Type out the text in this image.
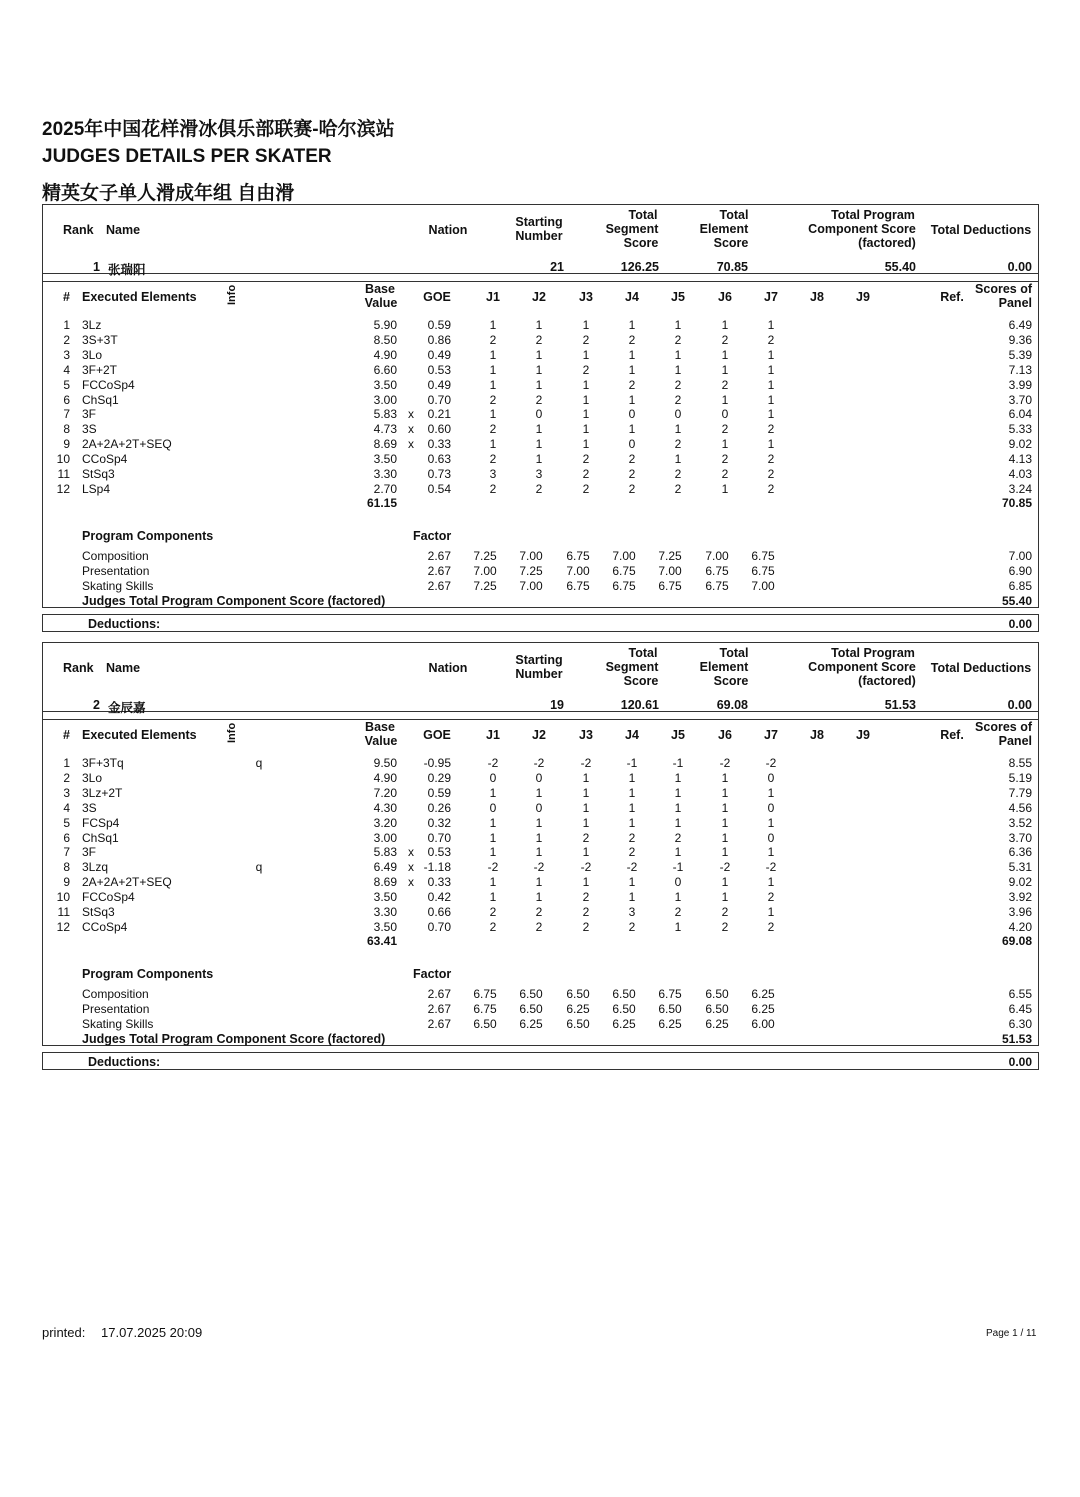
2025年中国花样滑冰俱乐部联赛-哈尔滨站
JUDGES DETAILS PER SKATER
精英女子单人滑成年组 自由滑
Rank Name	Nation
Starting
Number
Total
Segment
Score
Total
Element
Score
Total Program
Component Score
(factored)
Total Deductions
1 张瑞阳	21	126.25	70.85	55.40	0.00
# Executed Elements	Info	Base
Value	GOE	J1	J2	J3	J4	J5	J6	J7	J8	J9	Ref.
Scores of
Panel
1 3Lz	5.90	0.59	1	1	1	1	1	1	1	6.49
2 3S+3T	8.50	0.86	2	2	2	2	2	2	2	9.36
3 3Lo	4.90	0.49	1	1	1	1	1	1	1	5.39
4 3F+2T	6.60	0.53	1	1	2	1	1	1	1	7.13
5 FCCoSp4	3.50	0.49	1	1	1	2	2	2	1	3.99
6 ChSq1	3.00	0.70	2	2	1	1	2	1	1	3.70
7 3F	5.83 x	0.21	1	0	1	0	0	0	1	6.04
8 3S	4.73 x	0.60	2	1	1	1	1	2	2	5.33
9 2A+2A+2T+SEQ	8.69 x	0.33	1	1	1	0	2	1	1	9.02
10 CCoSp4	3.50	0.63	2	1	2	2	1	2	2	4.13
11 StSq3	3.30	0.73	3	3	2	2	2	2	2	4.03
12 LSp4	2.70	0.54	2	2	2	2	2	1	2	3.24
61.15	70.85
Program Components	Factor
Composition	2.67	7.25	7.00	6.75	7.00	7.25	7.00	6.75	7.00
Presentation	2.67	7.00	7.25	7.00	6.75	7.00	6.75	6.75	6.90
Skating Skills	2.67	7.25	7.00	6.75	6.75	6.75	6.75	7.00	6.85
Judges Total Program Component Score (factored)	55.40
Deductions:	0.00
Rank Name	Nation
Starting
Number
Total
Segment
Score
Total
Element
Score
Total Program
Component Score
(factored)
Total Deductions
2 金辰嘉	19	120.61	69.08	51.53	0.00
# Executed Elements	Info	Base
Value	GOE	J1	J2	J3	J4	J5	J6	J7	J8	J9	Ref.
Scores of
Panel
1 3F+3Tq	q	9.50	-0.95	-2	-2	-2	-1	-1	-2	-2	8.55
2 3Lo	4.90	0.29	0	0	1	1	1	1	0	5.19
3 3Lz+2T	7.20	0.59	1	1	1	1	1	1	1	7.79
4 3S	4.30	0.26	0	0	1	1	1	1	0	4.56
5 FCSp4	3.20	0.32	1	1	1	1	1	1	1	3.52
6 ChSq1	3.00	0.70	1	1	2	2	2	1	0	3.70
7 3F	5.83 x	0.53	1	1	1	2	1	1	1	6.36
8 3Lzq	q	6.49 x -1.18	-2	-2	-2	-2	-1	-2	-2	5.31
9 2A+2A+2T+SEQ	8.69 x	0.33	1	1	1	1	0	1	1	9.02
10 FCCoSp4	3.50	0.42	1	1	2	1	1	1	2	3.92
11 StSq3	3.30	0.66	2	2	2	3	2	2	1	3.96
12 CCoSp4	3.50	0.70	2	2	2	2	1	2	2	4.20
63.41	69.08
Program Components	Factor
Composition	2.67	6.75	6.50	6.50	6.50	6.75	6.50	6.25	6.55
Presentation	2.67	6.75	6.50	6.25	6.50	6.50	6.50	6.25	6.45
Skating Skills	2.67	6.50	6.25	6.50	6.25	6.25	6.25	6.00	6.30
Judges Total Program Component Score (factored)	51.53
Deductions:	0.00
printed: 17.07.2025 20:09	Page 1 / 11
